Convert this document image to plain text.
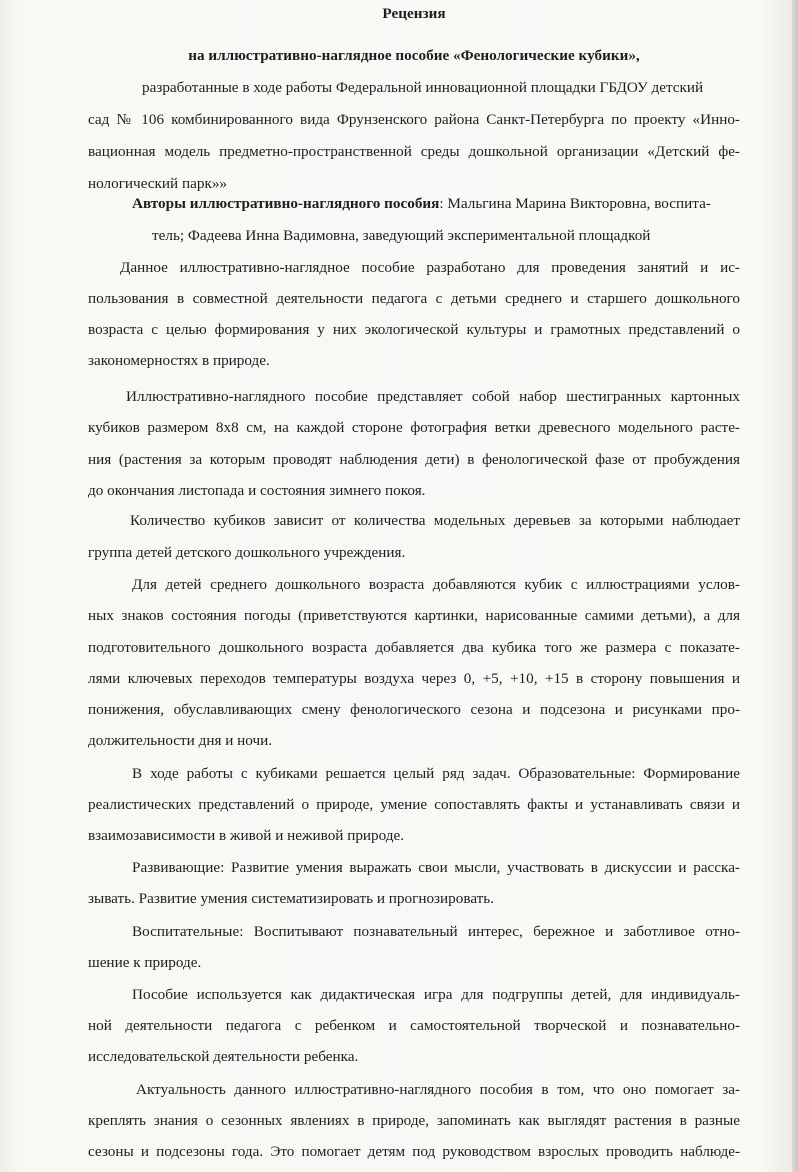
Рецензия
на иллюстративно-наглядное пособие «Фенологические кубики»,
разработанные в ходе работы Федеральной инновационной площадки ГБДОУ детский
сад № 106 комбинированного вида Фрунзенского района Санкт-Петербурга по проекту «Инно-
вационная модель предметно-пространственной среды дошкольной организации «Детский фе-
нологический парк»»
Авторы иллюстративно-наглядного пособия: Мальгина Марина Викторовна, воспита-
тель; Фадеева Инна Вадимовна, заведующий экспериментальной площадкой
Данное иллюстративно-наглядное пособие разработано для проведения занятий и ис-
пользования в совместной деятельности педагога с детьми среднего и старшего дошкольного
возраста с целью формирования у них экологической культуры и грамотных представлений о
закономерностях в природе.
Иллюстративно-наглядного пособие представляет собой набор шестигранных картонных
кубиков размером 8х8 см, на каждой стороне фотография ветки древесного модельного расте-
ния (растения за которым проводят наблюдения дети) в фенологической фазе от пробуждения
до окончания листопада и состояния зимнего покоя.
Количество кубиков зависит от количества модельных деревьев за которыми наблюдает
группа детей детского дошкольного учреждения.
Для детей среднего дошкольного возраста добавляются кубик с иллюстрациями услов-
ных знаков состояния погоды (приветствуются картинки, нарисованные самими детьми), а для
подготовительного дошкольного возраста добавляется два кубика того же размера с показате-
лями ключевых переходов температуры воздуха через 0, +5, +10, +15 в сторону повышения и
понижения, обуславливающих смену фенологического сезона и подсезона и рисунками про-
должительности дня и ночи.
В ходе работы с кубиками решается целый ряд задач. Образовательные: Формирование
реалистических представлений о природе, умение сопоставлять факты и устанавливать связи и
взаимозависимости в живой и неживой природе.
Развивающие: Развитие умения выражать свои мысли, участвовать в дискуссии и расска-
зывать. Развитие умения систематизировать и прогнозировать.
Воспитательные: Воспитывают познавательный интерес, бережное и заботливое отно-
шение к природе.
Пособие используется как дидактическая игра для подгруппы детей, для индивидуаль-
ной деятельности педагога с ребенком и самостоятельной творческой и познавательно-
исследовательской деятельности ребенка.
Актуальность данного иллюстративно-наглядного пособия в том, что оно помогает за-
креплять знания о сезонных явлениях в природе, запоминать как выглядят растения в разные
сезоны и подсезоны года. Это помогает детям под руководством взрослых проводить наблюде-
